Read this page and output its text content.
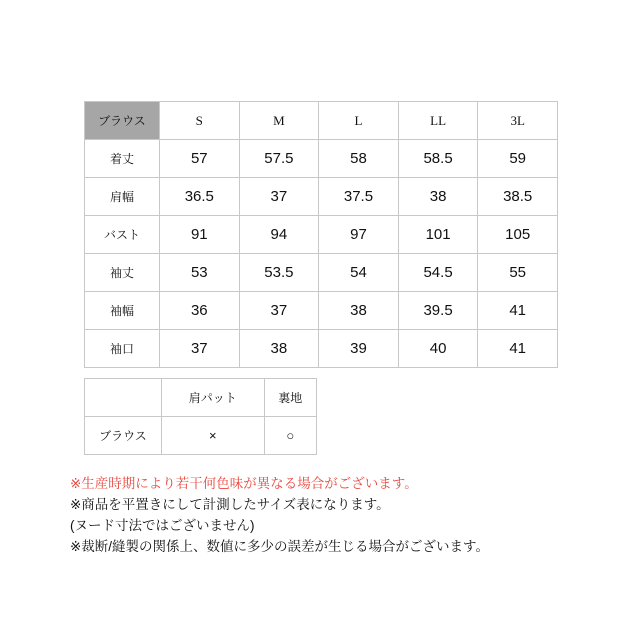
ブラウス	S	M	L	LL	3L
着丈	57	57.5	58	58.5	59
肩幅	36.5	37	37.5	38	38.5
バスト	91	94	97	101	105
袖丈	53	53.5	54	54.5	55
袖幅	36	37	38	39.5	41
袖口	37	38	39	40	41
	肩パット	裏地
ブラウス	×	○
※生産時期により若干何色味が異なる場合がございます。
※商品を平置きにして計測したサイズ表になります。
(ヌード寸法ではございません)
※裁断/縫製の関係上、数値に多少の誤差が生じる場合がございます。
